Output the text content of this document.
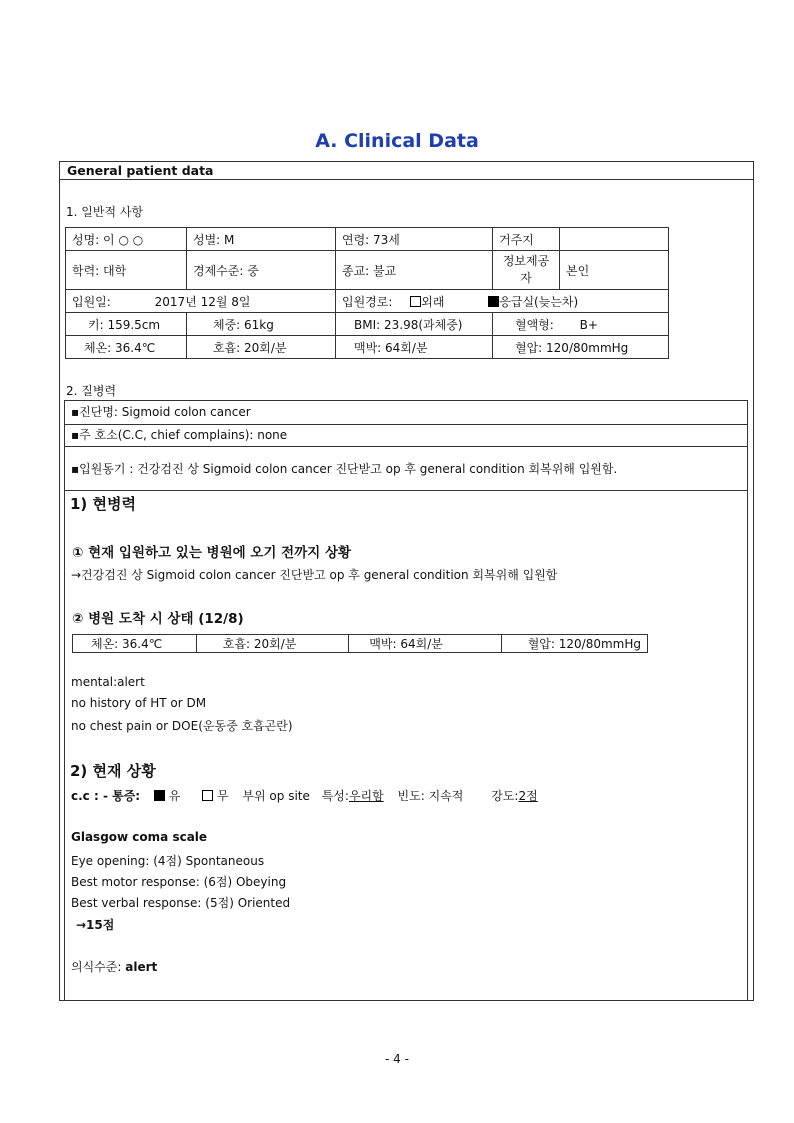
A. Clinical Data
General patient data
1. 일반적 사항
성명: 이 ○ ○	성별: M	연령: 73세	거주지	
학력: 대학	경제수준: 중	종교: 불교	정보제공자	본인
입원일: 2017년 12월 8일		입원경로: 외래 응급실(늦는차)		
키: 159.5cm	체중: 61kg	BMI: 23.98(과체중)	혈액형: B+	
체온: 36.4℃	호흡: 20회/분	맥박: 64회/분	혈압: 120/80mmHg	
2. 질병력
▪진단명: Sigmoid colon cancer
▪주 호소(C.C, chief complains): none
▪입원동기 : 건강검진 상 Sigmoid colon cancer 진단받고 op 후 general condition 회복위해 입원함.
1) 현병력
① 현재 입원하고 있는 병원에 오기 전까지 상황
→건강검진 상 Sigmoid colon cancer 진단받고 op 후 general condition 회복위해 입원함
② 병원 도착 시 상태 (12/8)
체온: 36.4℃	호흡: 20회/분	맥박: 64회/분	혈압: 120/80mmHg
mental:alert
no history of HT or DM
no chest pain or DOE(운동중 호흡곤란)
2) 현재 상황
c.c : - 통증: 유	무 부위 op site 특성:우리함 빈도: 지속적 강도:2점
Glasgow coma scale
Eye opening: (4점) Spontaneous
Best motor response: (6점) Obeying
Best verbal response: (5점) Oriented
→15점
의식수준: alert
- 4 -
